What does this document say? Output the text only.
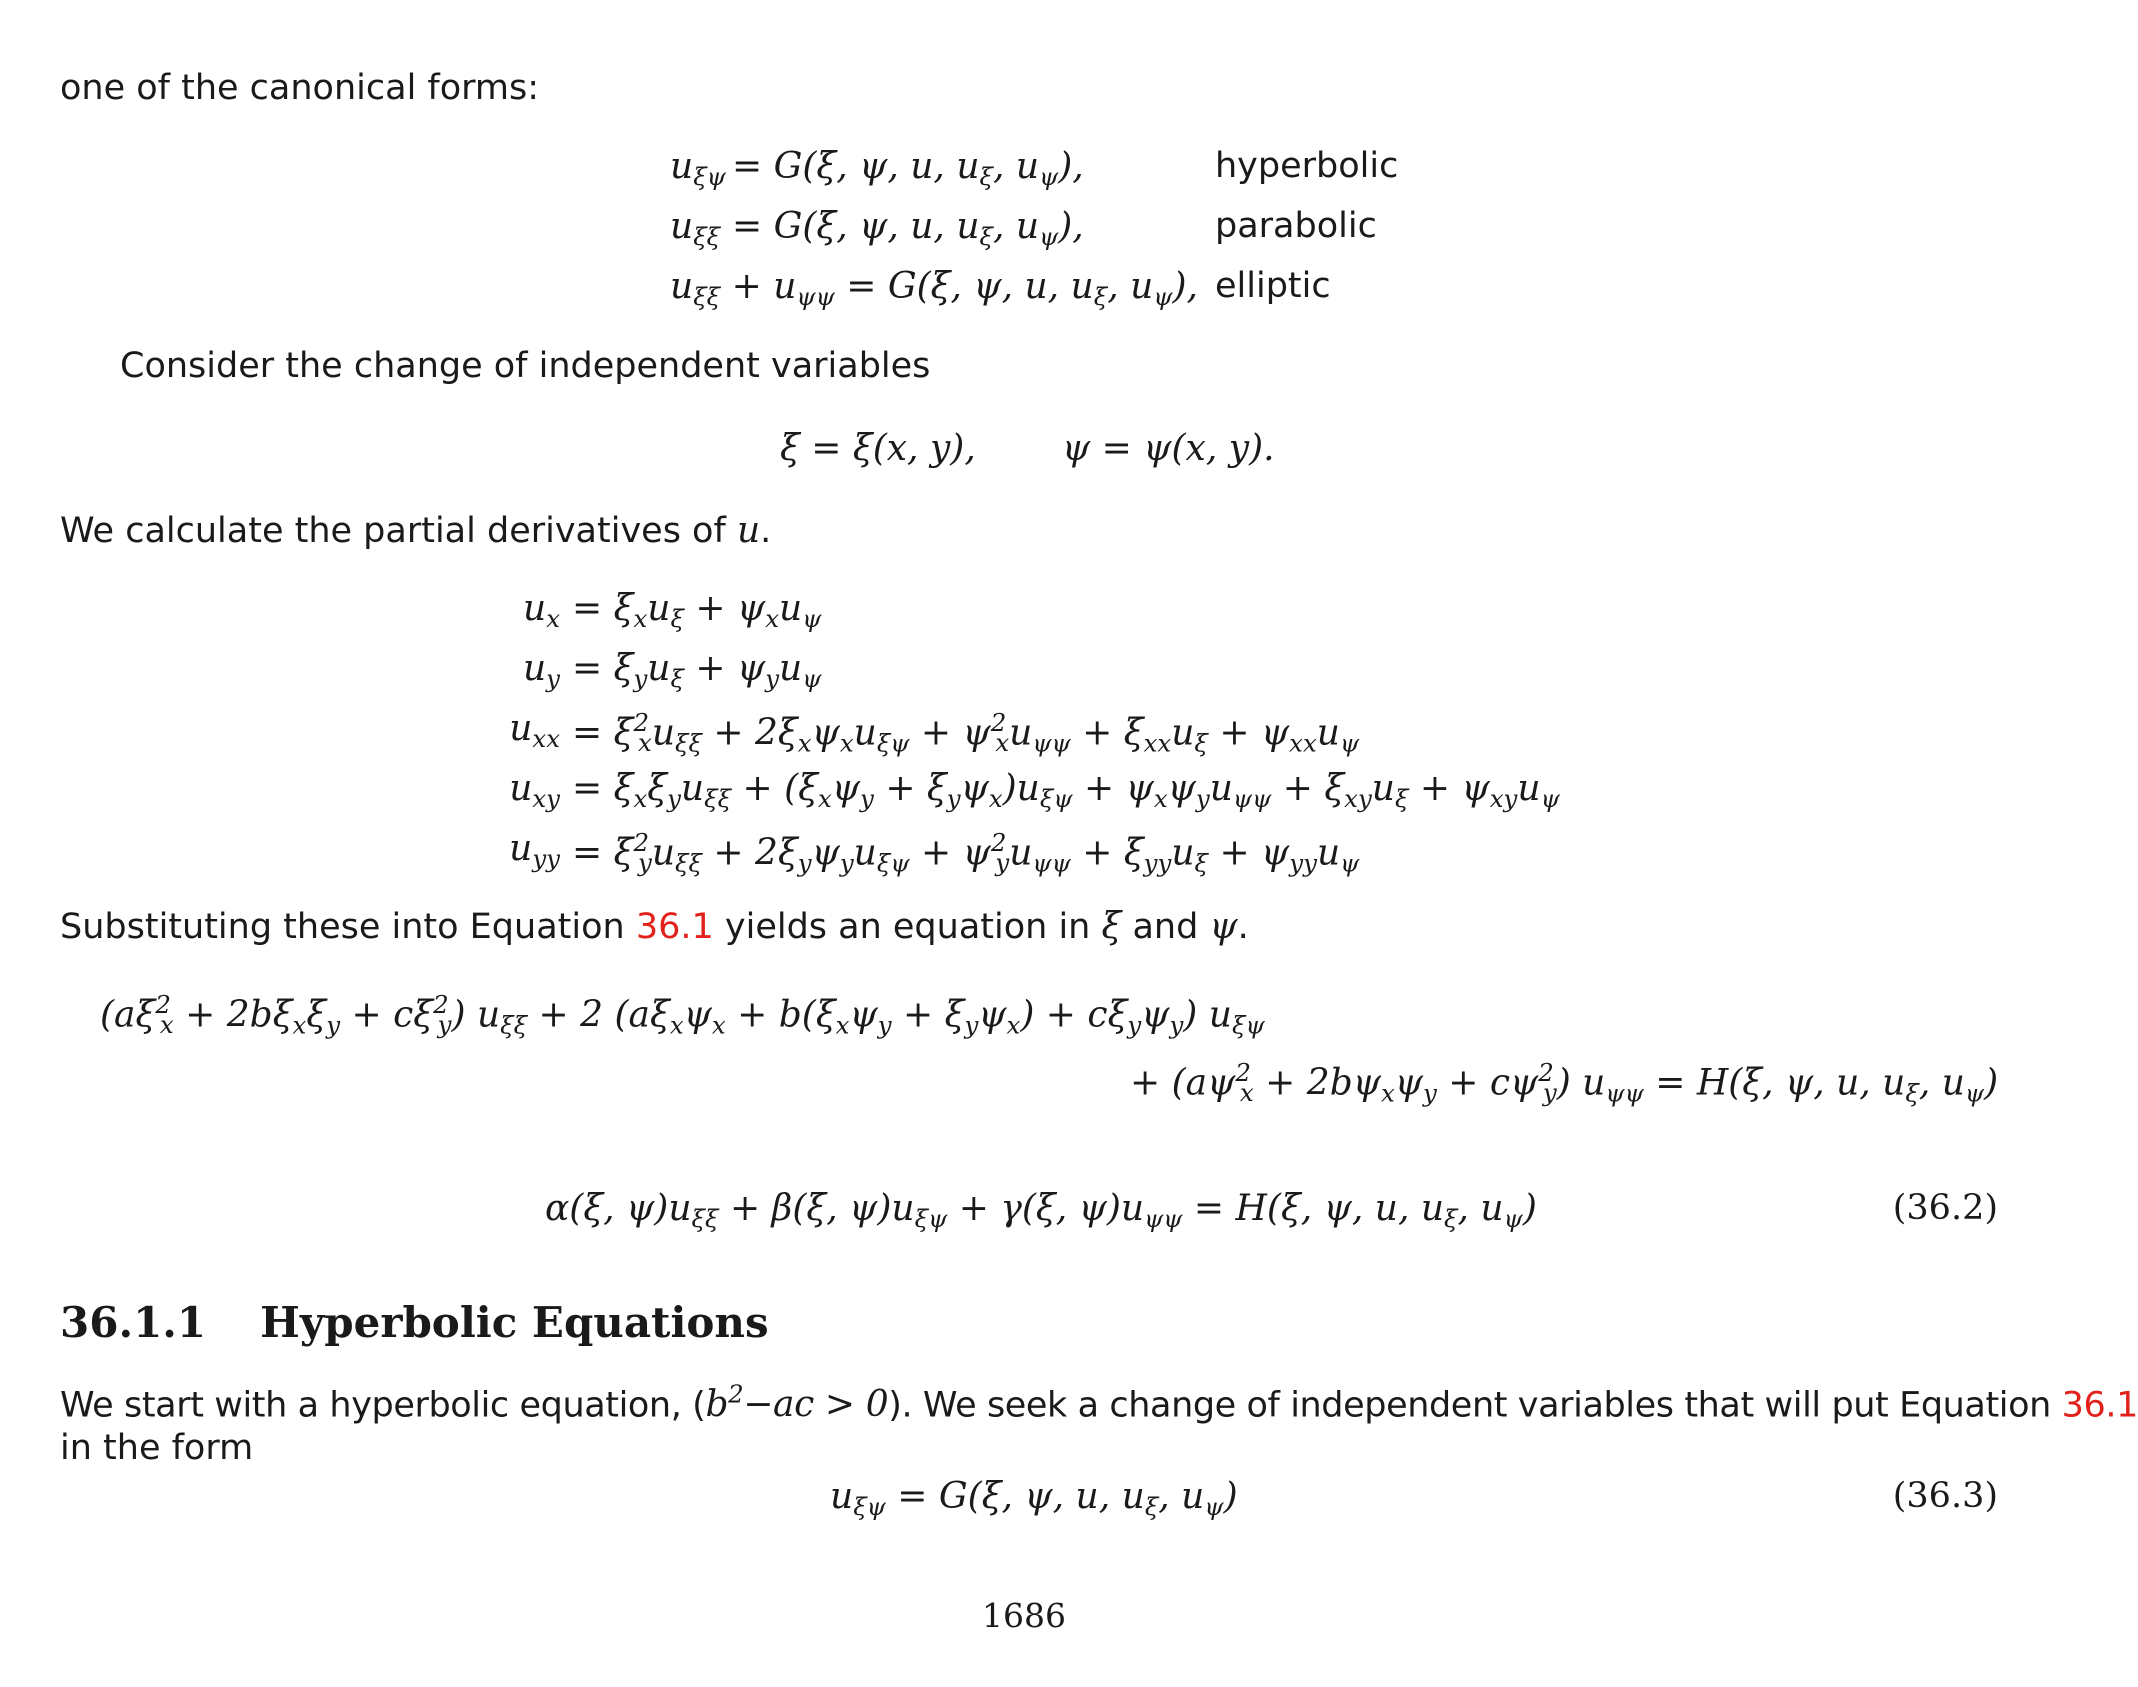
one of the canonical forms:
$u_{\xi\psi} = G(\xi$, ψ, u, $u_\xi$, $u_\psi$),	hyperbolic
$u_{\xi\xi} = G(\xi$, ψ, u, $u_\xi$, $u_\psi$),	parabolic
$u_{\xi\xi} + u_{\psi\psi} = G(\xi$, ψ, u, $u_\xi$, $u_\psi$), elliptic
Consider the change of independent variables
ξ = ξ(x, y), ψ = ψ(x, y).
We calculate the partial derivatives of u.
$u_x = \xi_xu_\xi + \psi_xu_\psi$
$u_y = \xi_yu_\xi + \psi_yu_\psi$
$u_{xx} = \xi^2_xu_{\xi\xi} + 2\xi_x\psi_xu_{\xi\psi} + \psi^2_xu_{\psi\psi} + \xi_{xx}u_\xi + \psi_{xx}u_\psi$
$u_{xy} = \xi_x\xi_yu_{\xi\xi} + (\xi_x\psi_y + \xi_y\psi_x)u_{\xi\psi} + \psi_x\psi_yu_{\psi\psi} + \xi_{xy}u_\xi + \psi_{xy}u_\psi$
$u_{yy} = \xi^2_yu_{\xi\xi} + 2\xi_y\psi_yu_{\xi\psi} + \psi^2_yu_{\psi\psi} + \xi_{yy}u_\xi + \psi_{yy}u_\psi$
Substituting these into Equation 36.1 yields an equation in ξ and ψ.
$(a\xi^2_x + 2b\xi_x\xi_y + c\xi^2_y) u_{\xi\xi} + 2$ $(a\xi_x\psi_x + b(\xi_x\psi_y + \xi_y\psi_x) + c\xi_y\psi_y)$ $u_{\xi\psi}$
+ $(a\psi^2_x + 2b\psi_x\psi_y + c\psi^2_y) u_{\psi\psi} = H(\xi$, ψ, u, $u_\xi$, $u_\psi$)
α(ξ, $\psi)u_{\xi\xi} + \beta(\xi$, $\psi)u_{\xi\psi} + \gamma(\xi$, $\psi)u_{\psi\psi} = H(\xi$, ψ, u, $u_\xi$, $u_\psi$)	(36.2)
36.1.1 Hyperbolic Equations
We start with a hyperbolic equation, $(b^2-ac > 0)$. We seek a change of independent variables that will put Equation 36.1
in the form
$u_{\xi\psi} = G(\xi$, ψ, u, $u_\xi$, $u_\psi$)	(36.3)
1686
